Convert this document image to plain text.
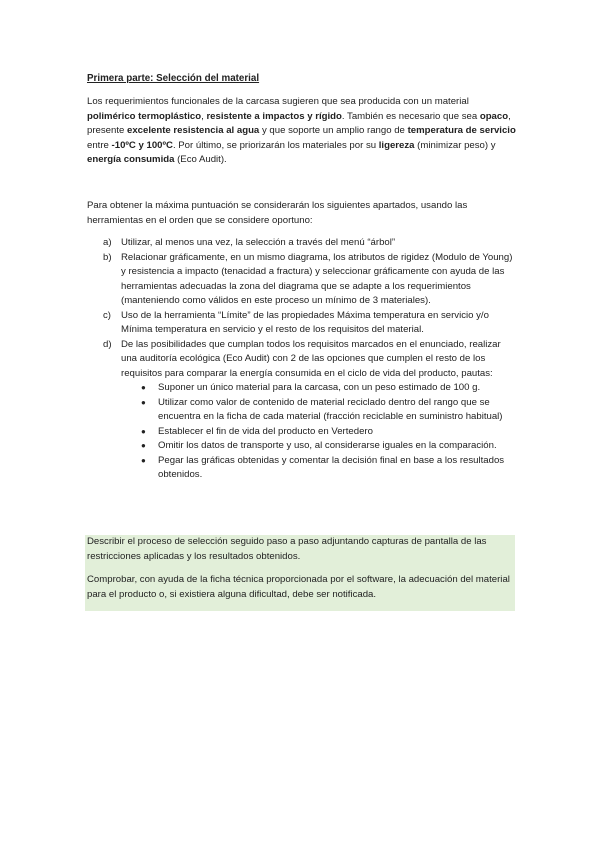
Primera parte: Selección del material
Los requerimientos funcionales de la carcasa sugieren que sea producida con un material polimérico termoplástico, resistente a impactos y rígido. También es necesario que sea opaco, presente excelente resistencia al agua y que soporte un amplio rango de temperatura de servicio entre -10ºC y 100ºC. Por último, se priorizarán los materiales por su ligereza (minimizar peso) y energía consumida (Eco Audit).
Para obtener la máxima puntuación se considerarán los siguientes apartados, usando las herramientas en el orden que se considere oportuno:
a) Utilizar, al menos una vez, la selección a través del menú “árbol”
b) Relacionar gráficamente, en un mismo diagrama, los atributos de rigidez (Modulo de Young) y resistencia a impacto (tenacidad a fractura) y seleccionar gráficamente con ayuda de las herramientas adecuadas la zona del diagrama que se adapte a los requerimientos (manteniendo como válidos en este proceso un mínimo de 3 materiales).
c) Uso de la herramienta “Límite” de las propiedades Máxima temperatura en servicio y/o Mínima temperatura en servicio y el resto de los requisitos del material.
d) De las posibilidades que cumplan todos los requisitos marcados en el enunciado, realizar una auditoría ecológica (Eco Audit) con 2 de las opciones que cumplen el resto de los requisitos para comparar la energía consumida en el ciclo de vida del producto, pautas:
● Suponer un único material para la carcasa, con un peso estimado de 100 g.
● Utilizar como valor de contenido de material reciclado dentro del rango que se encuentra en la ficha de cada material (fracción reciclable en suministro habitual)
● Establecer el fin de vida del producto en Vertedero
● Omitir los datos de transporte y uso, al considerarse iguales en la comparación.
● Pegar las gráficas obtenidas y comentar la decisión final en base a los resultados obtenidos.

Describir el proceso de selección seguido paso a paso adjuntando capturas de pantalla de las restricciones aplicadas y los resultados obtenidos.

Comprobar, con ayuda de la ficha técnica proporcionada por el software, la adecuación del material para el producto o, si existiera alguna dificultad, debe ser notificada.
